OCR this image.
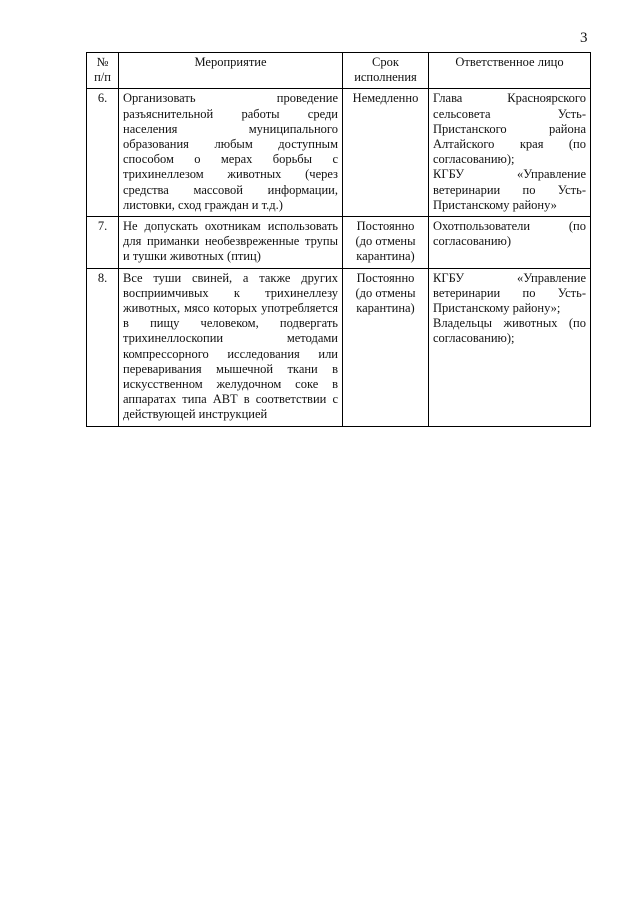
3
№ п/п	Мероприятие	Срок исполнения	Ответственное лицо
6.	Организовать проведение разъяснительной работы среди населения муниципального образования любым доступным способом о мерах борьбы с трихинеллезом животных (через средства массовой информации, листовки, сход граждан и т.д.)	Немедленно	Глава Красноярского сельсовета Усть-Пристанского района Алтайского края (по согласованию);
КГБУ «Управление ветеринарии по Усть-Пристанскому району»

7.	Не допускать охотникам использовать для приманки необезвреженные трупы и тушки животных (птиц)	Постоянно (до отмены карантина)	Охотпользователи (по согласованию)

8.	Все туши свиней, а также других восприимчивых к трихинеллезу животных, мясо которых употребляется в пищу человеком, подвергать трихинеллоскопии методами компрессорного исследования или переваривания мышечной ткани в искусственном желудочном соке в аппаратах типа АВТ в соответствии с действующей инструкцией	Постоянно (до отмены карантина)	КГБУ «Управление ветеринарии по Усть-Пристанскому району»;
Владельцы животных (по согласованию);
